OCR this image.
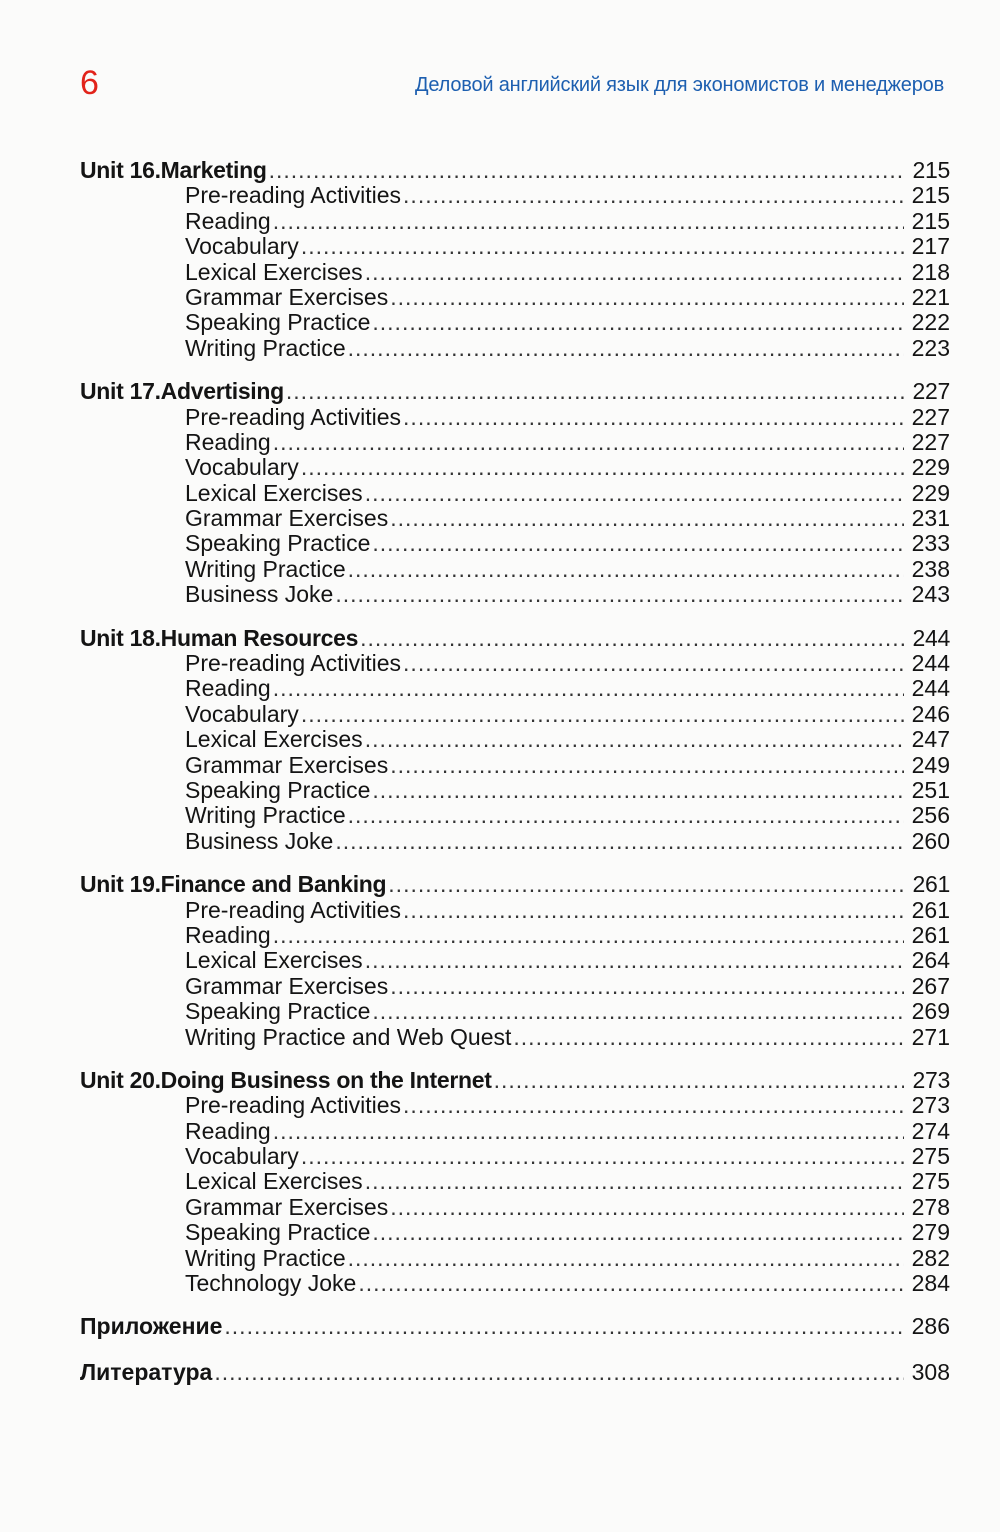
6	Деловой английский язык для экономистов и менеджеров
Unit 16. Marketing .....	215
Pre-reading Activities .....	215
Reading .....	215
Vocabulary .....	217
Lexical Exercises .....	218
Grammar Exercises .....	221
Speaking Practice .....	222
Writing Practice .....	223
Unit 17. Advertising .....	227
Pre-reading Activities .....	227
Reading .....	227
Vocabulary .....	229
Lexical Exercises .....	229
Grammar Exercises .....	231
Speaking Practice .....	233
Writing Practice .....	238
Business Joke .....	243
Unit 18. Human Resources .....	244
Pre-reading Activities .....	244
Reading .....	244
Vocabulary .....	246
Lexical Exercises .....	247
Grammar Exercises .....	249
Speaking Practice .....	251
Writing Practice .....	256
Business Joke .....	260
Unit 19. Finance and Banking .....	261
Pre-reading Activities .....	261
Reading .....	261
Lexical Exercises .....	264
Grammar Exercises .....	267
Speaking Practice .....	269
Writing Practice and Web Quest .....	271
Unit 20. Doing Business on the Internet .....	273
Pre-reading Activities .....	273
Reading .....	274
Vocabulary .....	275
Lexical Exercises .....	275
Grammar Exercises .....	278
Speaking Practice .....	279
Writing Practice .....	282
Technology Joke .....	284
Приложение .....	286
Литература .....	308
